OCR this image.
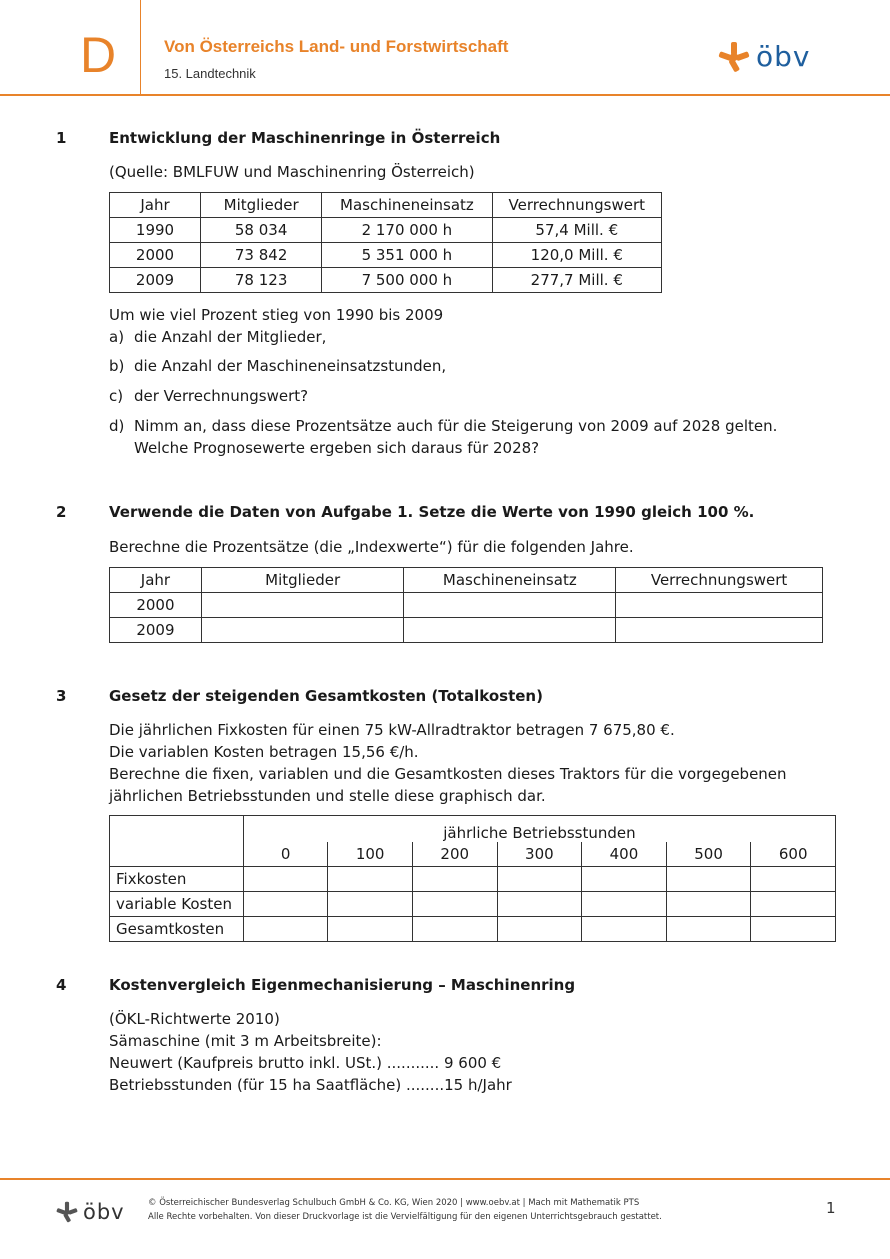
D	Von Österreichs Land- und Forstwirtschaft
15. Landtechnik
öbv
1	Entwicklung der Maschinenringe in Österreich
(Quelle: BMLFUW und Maschinenring Österreich)
Jahr	Mitglieder	Maschineneinsatz	Verrechnungswert
1990	58 034	2 170 000 h	57,4 Mill. €
2000	73 842	5 351 000 h	120,0 Mill. €
2009	78 123	7 500 000 h	277,7 Mill. €
Um wie viel Prozent stieg von 1990 bis 2009
a) die Anzahl der Mitglieder,
b) die Anzahl der Maschineneinsatzstunden,
c) der Verrechnungswert?
d) Nimm an, dass diese Prozentsätze auch für die Steigerung von 2009 auf 2028 gelten.
Welche Prognosewerte ergeben sich daraus für 2028?
2	Verwende die Daten von Aufgabe 1. Setze die Werte von 1990 gleich 100 %.
Berechne die Prozentsätze (die „Indexwerte“) für die folgenden Jahre.
Jahr	Mitglieder	Maschineneinsatz	Verrechnungswert
2000			
2009			
3	Gesetz der steigenden Gesamtkosten (Totalkosten)
Die jährlichen Fixkosten für einen 75 kW-Allradtraktor betragen 7 675,80 €.
Die variablen Kosten betragen 15,56 €/h.
Berechne die fixen, variablen und die Gesamtkosten dieses Traktors für die vorgegebenen
jährlichen Betriebsstunden und stelle diese graphisch dar.
	jährliche Betriebsstunden						
	0	100	200	300	400	500	600
Fixkosten							
variable Kosten							
Gesamtkosten							
4	Kostenvergleich Eigenmechanisierung – Maschinenring
(ÖKL-Richtwerte 2010)
Sämaschine (mit 3 m Arbeitsbreite):
Neuwert (Kaufpreis brutto inkl. USt.) ........... 9 600 €
Betriebsstunden (für 15 ha Saatfläche) ........15 h/Jahr
öbv	© Österreichischer Bundesverlag Schulbuch GmbH & Co. KG, Wien 2020 | www.oebv.at | Mach mit Mathematik PTS
Alle Rechte vorbehalten. Von dieser Druckvorlage ist die Vervielfältigung für den eigenen Unterrichtsgebrauch gestattet.	1
